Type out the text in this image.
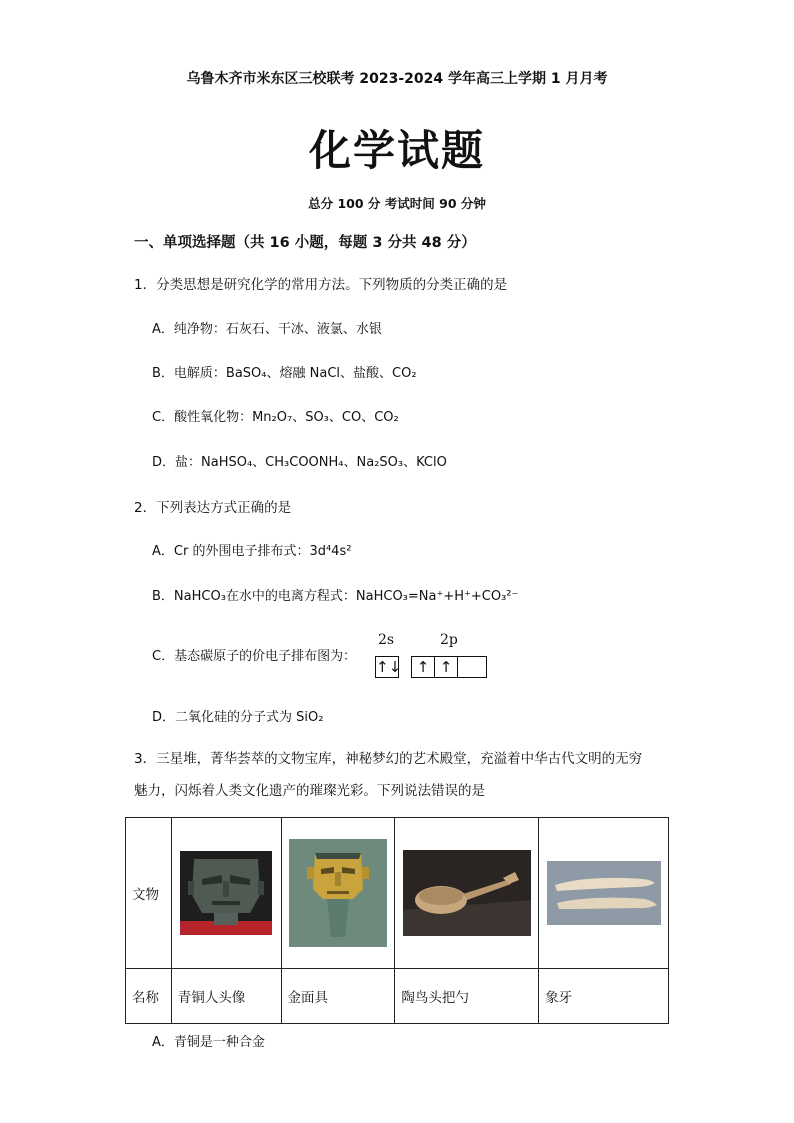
乌鲁木齐市米东区三校联考 2023-2024 学年高三上学期 1 月月考
化学试题
总分 100 分 考试时间 90 分钟
一、单项选择题（共 16 小题，每题 3 分共 48 分）
1．分类思想是研究化学的常用方法。下列物质的分类正确的是
A．纯净物：石灰石、干冰、液氯、水银
B．电解质：BaSO₄、熔融 NaCl、盐酸、CO₂
C．酸性氧化物：Mn₂O₇、SO₃、CO、CO₂
D．盐：NaHSO₄、CH₃COONH₄、Na₂SO₃、KClO
2．下列表达方式正确的是
A．Cr 的外围电子排布式：3d⁴4s²
B．NaHCO₃在水中的电离方程式：NaHCO₃=Na⁺+H⁺+CO₃²⁻
C．基态碳原子的价电子排布图为：
2s	2p
↑↓	↑ ↑
D．二氧化硅的分子式为 SiO₂
3．三星堆，菁华荟萃的文物宝库，神秘梦幻的艺术殿堂，充溢着中华古代文明的无穷
魅力，闪烁着人类文化遗产的璀璨光彩。下列说法错误的是
文物	

名称	青铜人头像	金面具	陶鸟头把勺	象牙
A．青铜是一种合金
